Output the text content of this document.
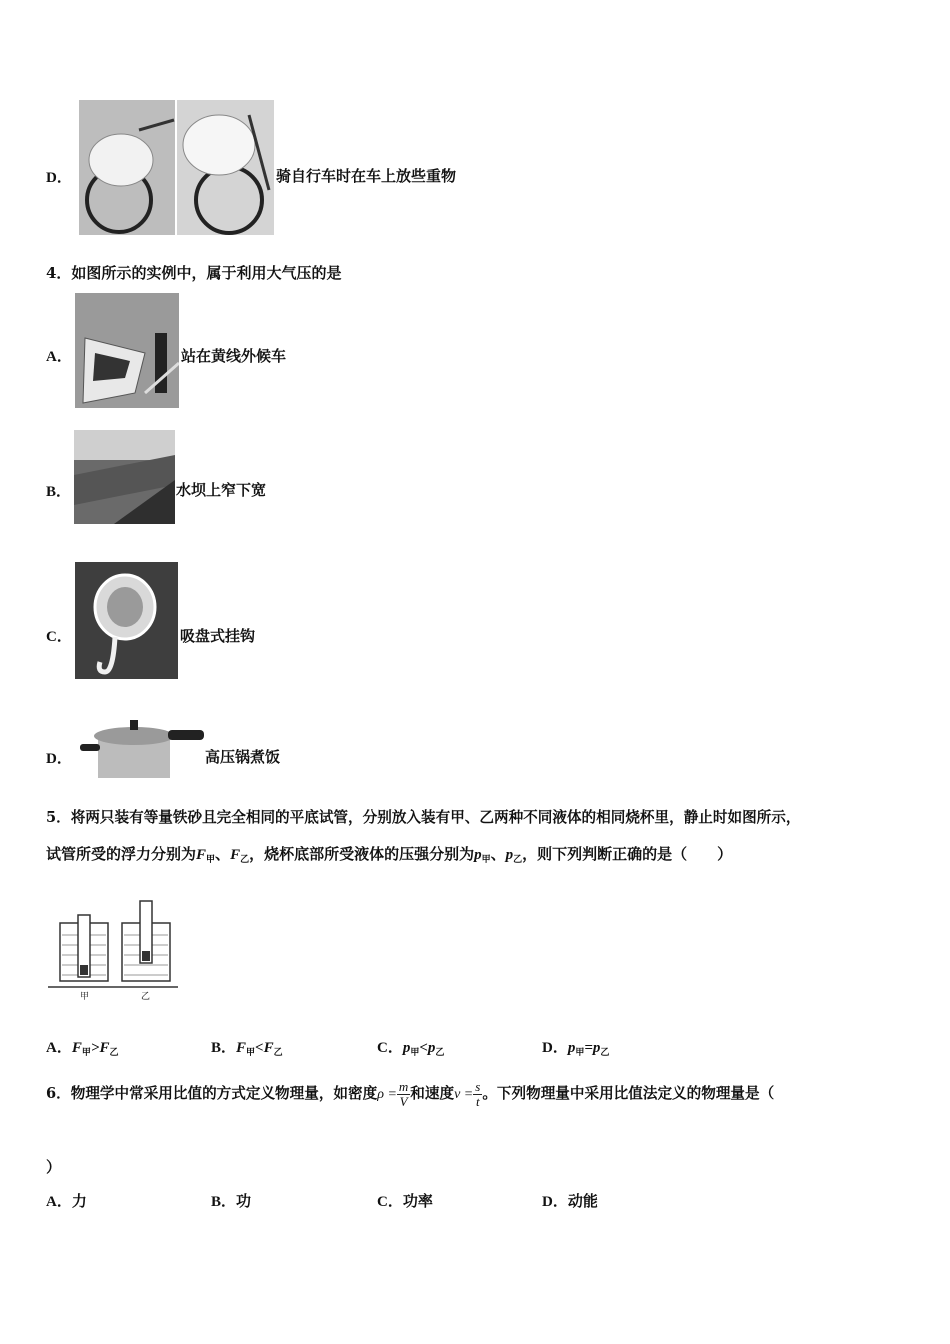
D．	骑自行车时在车上放些重物
4．如图所示的实例中，属于利用大气压的是
A．	站在黄线外候车
B．	水坝上窄下宽
C．	吸盘式挂钩
D．	高压锅煮饭
5．将两只装有等量铁砂且完全相同的平底试管，分别放入装有甲、乙两种不同液体的相同烧杯里，静止时如图所示，
试管所受的浮力分别为$F_甲$、$F_乙$，烧杯底部所受液体的压强分别为$p_甲$、$p_乙$，则下列判断正确的是（　　）
甲	乙
A．$F_甲>F_乙$	B．$F_甲<F_乙$	C．$p_甲<p_乙$	D．$p_甲=p_乙$
6．物理学中常采用比值的方式定义物理量，如密度$\rho = \frac{m}{V}$ 和速度$v = \frac{s}{t}$ 。下列物理量中采用比值法定义的物理量是（
）
A．力	B．功	C．功率	D．动能
